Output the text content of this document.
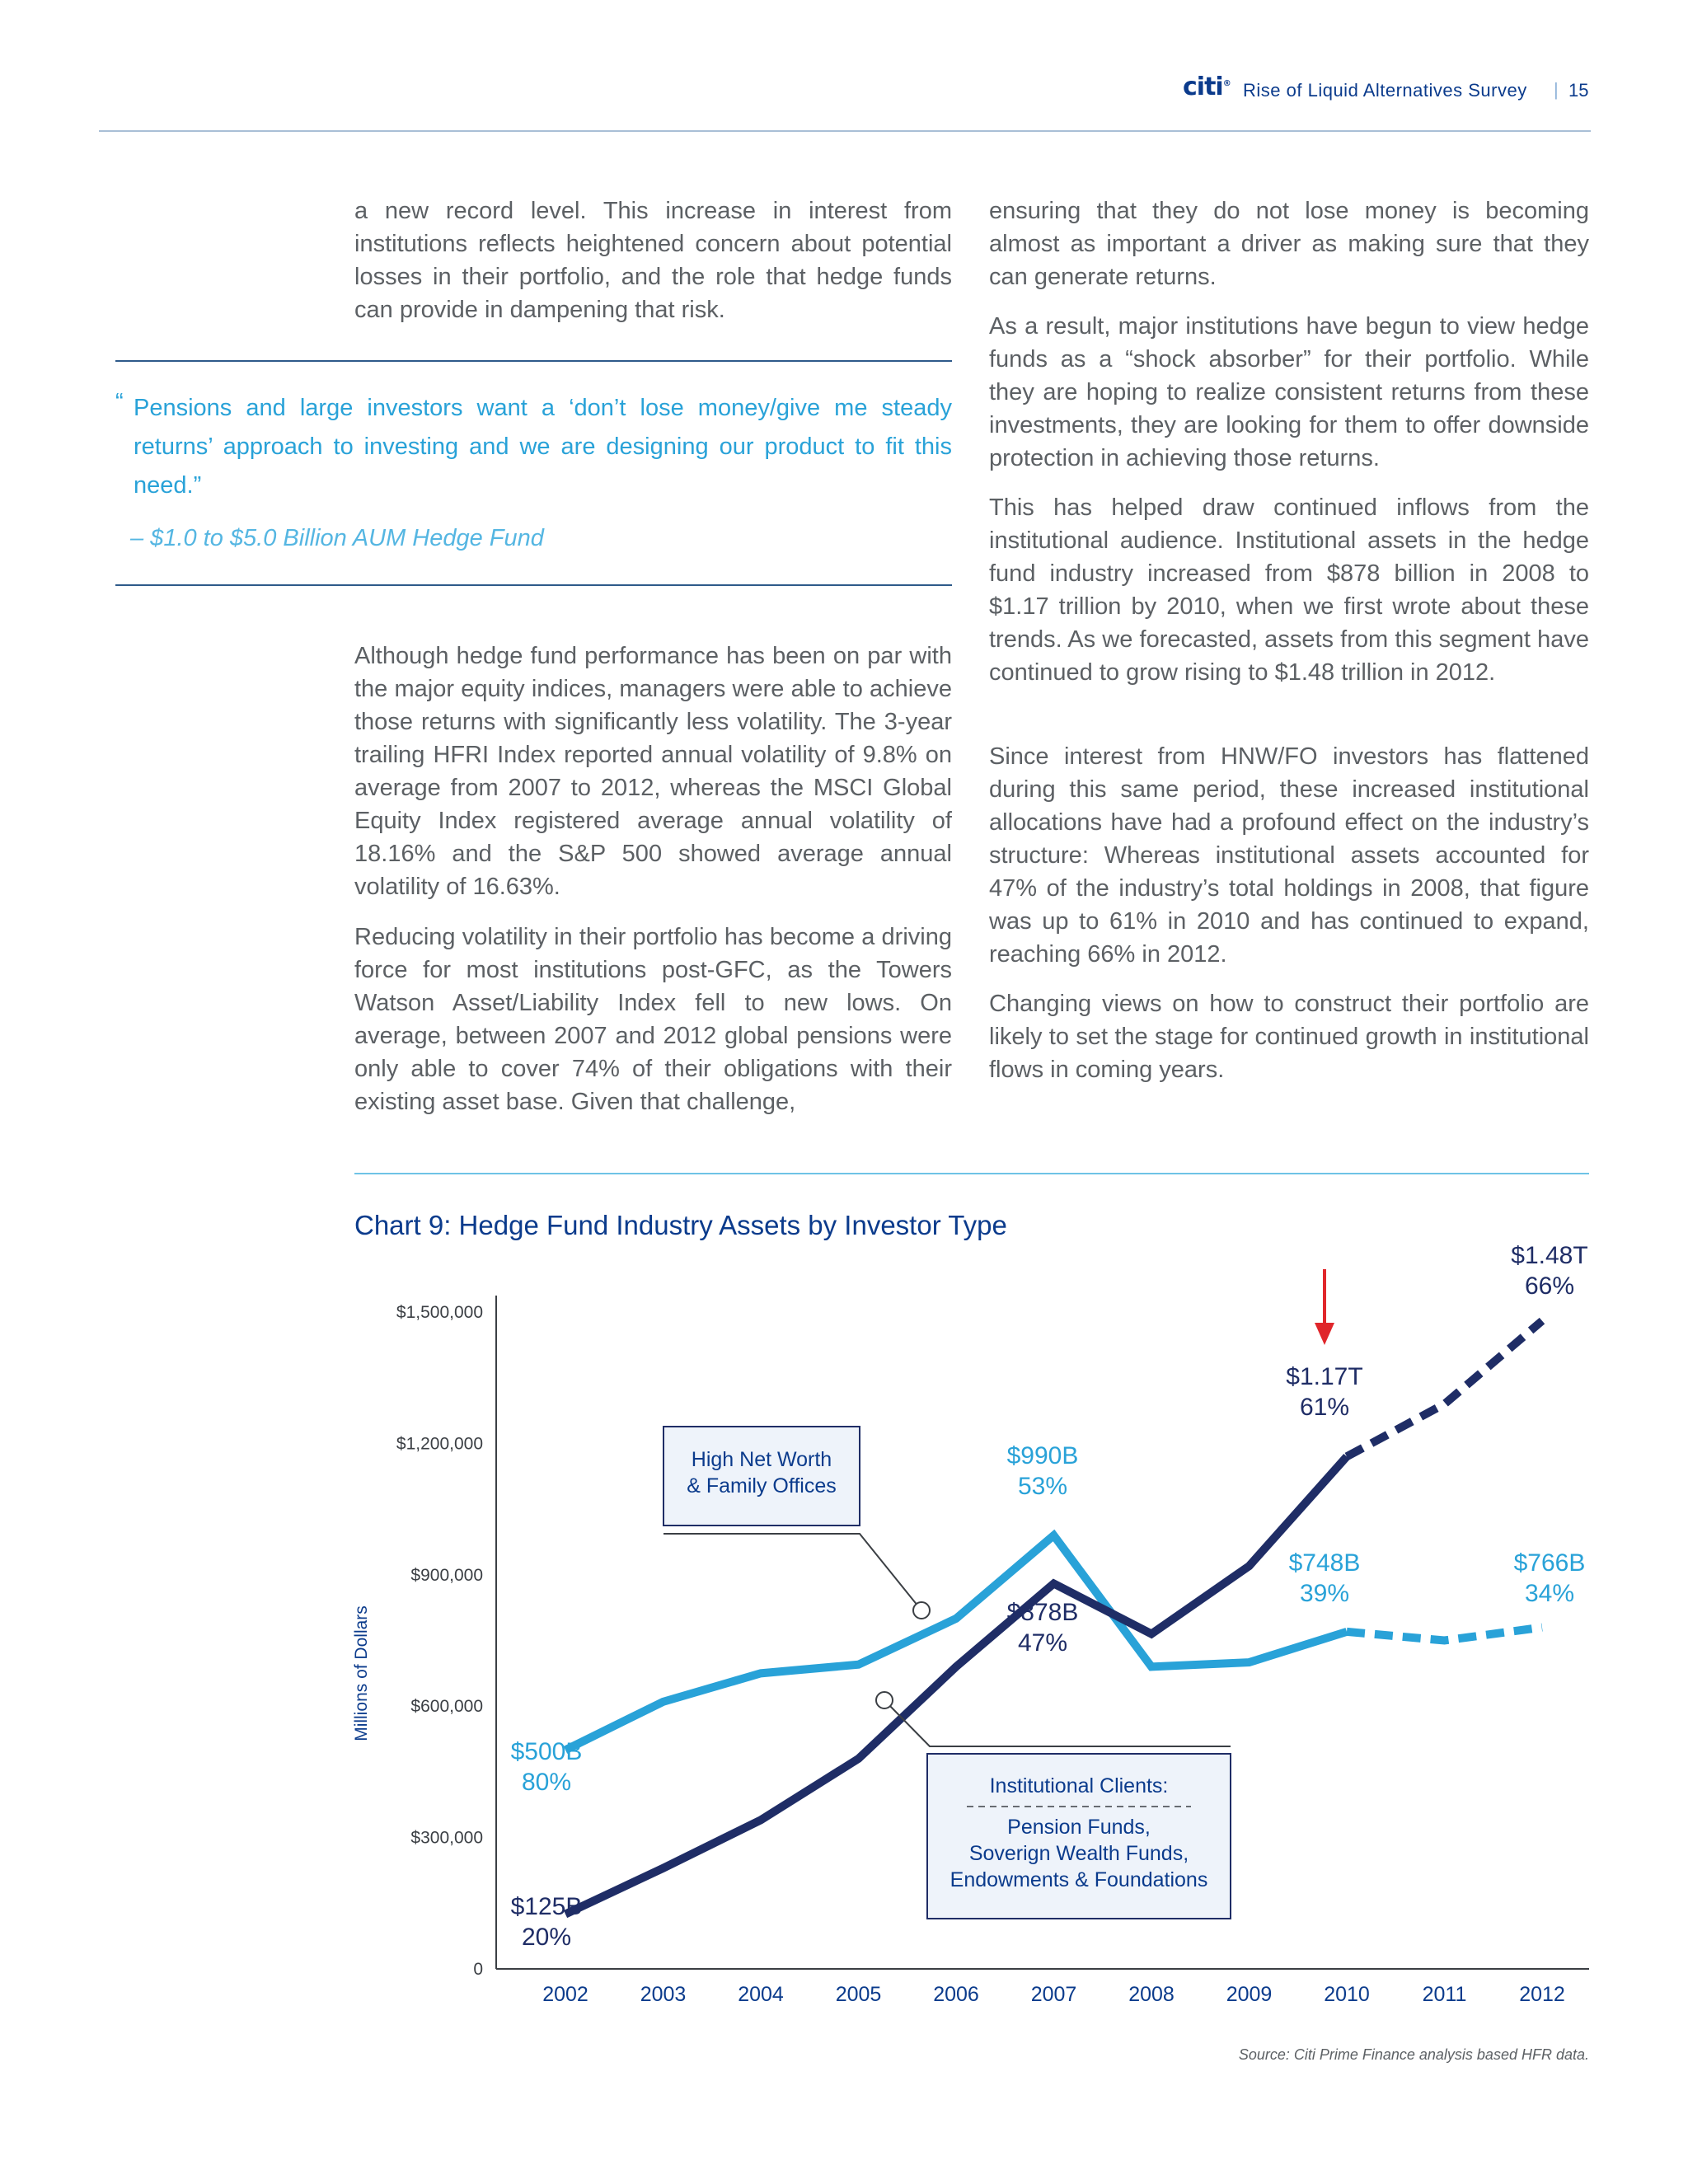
citi® Rise of Liquid Alternatives Survey | 15

a new record level. This increase in interest from institutions reflects heightened concern about potential losses in their portfolio, and the role that hedge funds can provide in dampening that risk.

“ Pensions and large investors want a ‘don’t lose money/give me steady returns’ approach to investing and we are designing our product to fit this need.”
– $1.0 to $5.0 Billion AUM Hedge Fund

Although hedge fund performance has been on par with the major equity indices, managers were able to achieve those returns with significantly less volatility. The 3-year trailing HFRI Index reported annual volatility of 9.8% on average from 2007 to 2012, whereas the MSCI Global Equity Index registered average annual volatility of 18.16% and the S&P 500 showed average annual volatility of 16.63%.

Reducing volatility in their portfolio has become a driving force for most institutions post-GFC, as the Towers Watson Asset/Liability Index fell to new lows. On average, between 2007 and 2012 global pensions were only able to cover 74% of their obligations with their existing asset base. Given that challenge,

ensuring that they do not lose money is becoming almost as important a driver as making sure that they can generate returns.

As a result, major institutions have begun to view hedge funds as a “shock absorber” for their portfolio. While they are hoping to realize consistent returns from these investments, they are looking for them to offer downside protection in achieving those returns.

This has helped draw continued inflows from the institutional audience. Institutional assets in the hedge fund industry increased from $878 billion in 2008 to $1.17 trillion by 2010, when we first wrote about these trends. As we forecasted, assets from this segment have continued to grow rising to $1.48 trillion in 2012.

Since interest from HNW/FO investors has flattened during this same period, these increased institutional allocations have had a profound effect on the industry’s structure: Whereas institutional assets accounted for 47% of the industry’s total holdings in 2008, that figure was up to 61% in 2010 and has continued to expand, reaching 66% in 2012.

Changing views on how to construct their portfolio are likely to set the stage for continued growth in institutional flows in coming years.

Chart 9: Hedge Fund Industry Assets by Investor Type
0
$300,000
$600,000
$900,000
$1,200,000
$1,500,000
Millions of Dollars
2002	2003	2004	2005	2006	2007	2008	2009	2010	2011	2012
$500B
80%
$990B
53%
$748B
39%
$766B
34%
$125B
20%
$878B
47%
$1.17T
61%
$1.48T
66%
High Net Worth
& Family Offices
Institutional Clients:
Pension Funds,
Soverign Wealth Funds,
Endowments & Foundations
Source: Citi Prime Finance analysis based HFR data.
